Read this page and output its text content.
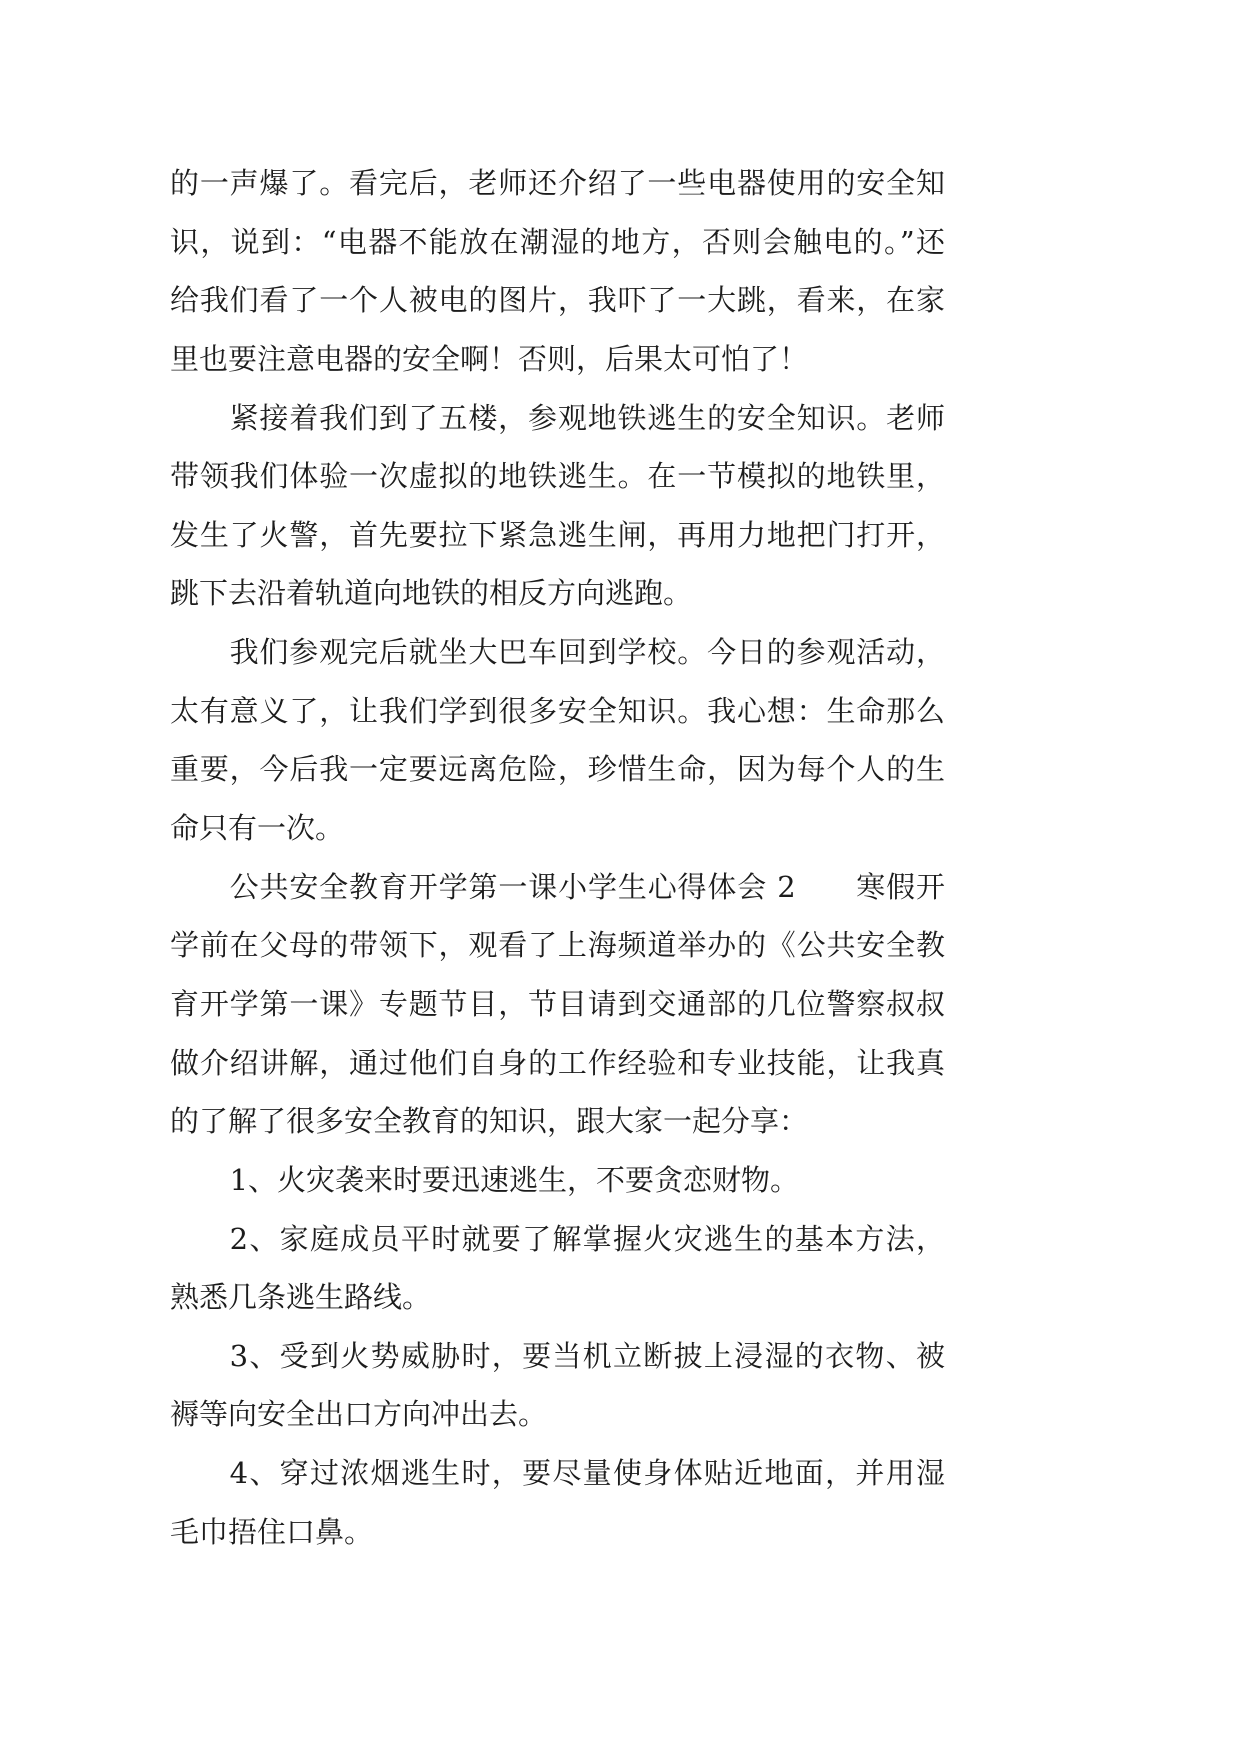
的一声爆了。看完后，老师还介绍了一些电器使用的安全知
识，说到：“电器不能放在潮湿的地方，否则会触电的。”还
给我们看了一个人被电的图片，我吓了一大跳，看来，在家
里也要注意电器的安全啊！否则，后果太可怕了！
紧接着我们到了五楼，参观地铁逃生的安全知识。老师
带领我们体验一次虚拟的地铁逃生。在一节模拟的地铁里，
发生了火警，首先要拉下紧急逃生闸，再用力地把门打开，
跳下去沿着轨道向地铁的相反方向逃跑。
我们参观完后就坐大巴车回到学校。今日的参观活动，
太有意义了，让我们学到很多安全知识。我心想：生命那么
重要，今后我一定要远离危险，珍惜生命，因为每个人的生
命只有一次。
公共安全教育开学第一课小学生心得体会 2　　寒假开
学前在父母的带领下，观看了上海频道举办的《公共安全教
育开学第一课》专题节目，节目请到交通部的几位警察叔叔
做介绍讲解，通过他们自身的工作经验和专业技能，让我真
的了解了很多安全教育的知识，跟大家一起分享：
1、火灾袭来时要迅速逃生，不要贪恋财物。
2、家庭成员平时就要了解掌握火灾逃生的基本方法，
熟悉几条逃生路线。
3、受到火势威胁时，要当机立断披上浸湿的衣物、被
褥等向安全出口方向冲出去。
4、穿过浓烟逃生时，要尽量使身体贴近地面，并用湿
毛巾捂住口鼻。
